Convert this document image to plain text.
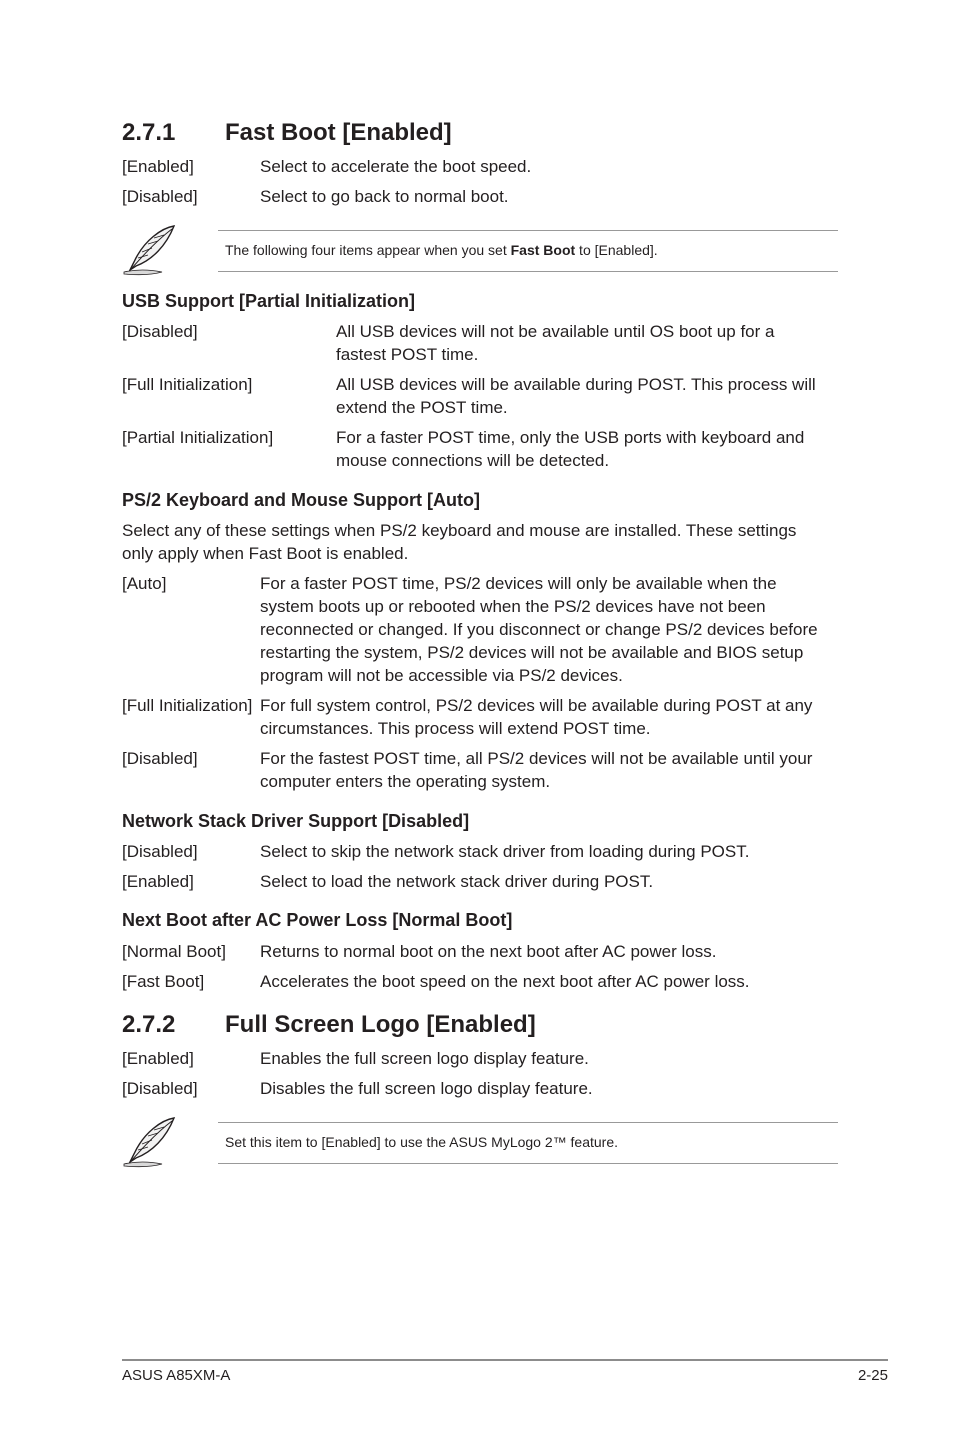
2.7.1 Fast Boot [Enabled]
[Enabled]	Select to accelerate the boot speed.
[Disabled]	Select to go back to normal boot.
The following four items appear when you set Fast Boot to [Enabled].
USB Support [Partial Initialization]
[Disabled]	All USB devices will not be available until OS boot up for a
fastest POST time.
[Full Initialization]	All USB devices will be available during POST. This process will
extend the POST time.
[Partial Initialization]	For a faster POST time, only the USB ports with keyboard and
mouse connections will be detected.
PS/2 Keyboard and Mouse Support [Auto]
Select any of these settings when PS/2 keyboard and mouse are installed. These settings
only apply when Fast Boot is enabled.
[Auto]	For a faster POST time, PS/2 devices will only be available when the
system boots up or rebooted when the PS/2 devices have not been
reconnected or changed. If you disconnect or change PS/2 devices before
restarting the system, PS/2 devices will not be available and BIOS setup
program will not be accessible via PS/2 devices.
[Full Initialization] For full system control, PS/2 devices will be available during POST at any
circumstances. This process will extend POST time.
[Disabled]	For the fastest POST time, all PS/2 devices will not be available until your
computer enters the operating system.
Network Stack Driver Support [Disabled]
[Disabled]	Select to skip the network stack driver from loading during POST.
[Enabled]	Select to load the network stack driver during POST.
Next Boot after AC Power Loss [Normal Boot]
[Normal Boot] Returns to normal boot on the next boot after AC power loss.
[Fast Boot]	Accelerates the boot speed on the next boot after AC power loss.
2.7.2 Full Screen Logo [Enabled]
[Enabled]	Enables the full screen logo display feature.
[Disabled]	Disables the full screen logo display feature.
Set this item to [Enabled] to use the ASUS MyLogo 2™ feature.
ASUS A85XM-A	2-25
